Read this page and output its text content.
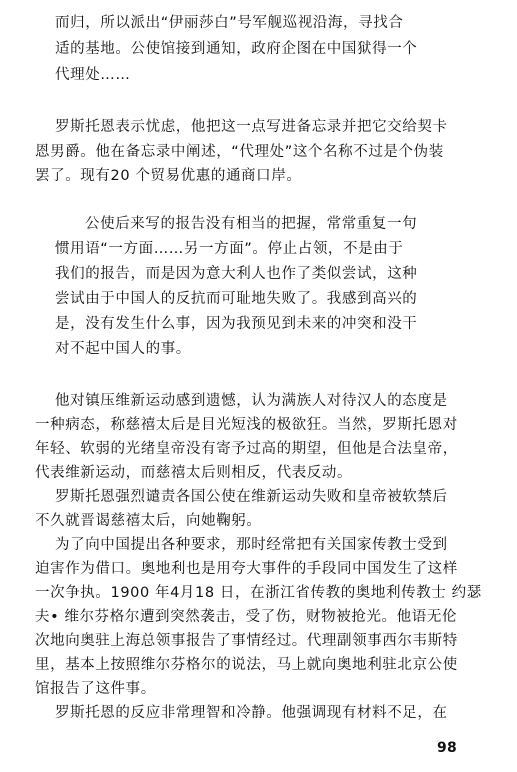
而归，所以派出“伊丽莎白”号军舰巡视沿海，寻找合
适的基地。公使馆接到通知，政府企图在中国狱得一个
代理处……
罗斯托恩表示忧虑，他把这一点写进备忘录并把它交给契卡
恩男爵。他在备忘录中阐述，“代理处”这个名称不过是个伪装
罢了。现有20 个贸易优惠的通商口岸。
公使后来写的报告没有相当的把握，常常重复一句
惯用语“一方面……另一方面”。停止占领，不是由于
我们的报告，而是因为意大利人也作了类似尝试，这种
尝试由于中国人的反抗而可耻地失败了。我感到高兴的
是，没有发生什么事，因为我预见到未来的冲突和没干
对不起中国人的事。
他对镇压维新运动感到遗憾，认为满族人对待汉人的态度是
一种病态，称慈禧太后是目光短浅的极欲狂。当然，罗斯托恩对
年轻、软弱的光绪皇帝没有寄予过高的期望，但他是合法皇帝，
代表维新运动，而慈禧太后则相反，代表反动。
罗斯托恩强烈谴责各国公使在维新运动失败和皇帝被软禁后
不久就晋谒慈禧太后，向她鞠躬。
为了向中国提出各种要求，那时经常把有关国家传教士受到
迫害作为借口。奥地利也是用夸大事件的手段同中国发生了这样
一次争执。1900 年4月18 日，在浙江省传教的奥地利传教士 约瑟
夫• 维尔芬格尔遭到突然袭击，受了伤，财物被抢光。他语无伦
次地向奥驻上海总领事报告了事情经过。代理副领事西尔韦斯特
里，基本上按照维尔芬格尔的说法，马上就向奥地利驻北京公使
馆报告了这件事。
罗斯托恩的反应非常理智和冷静。他强调现有材料不足，在
98
